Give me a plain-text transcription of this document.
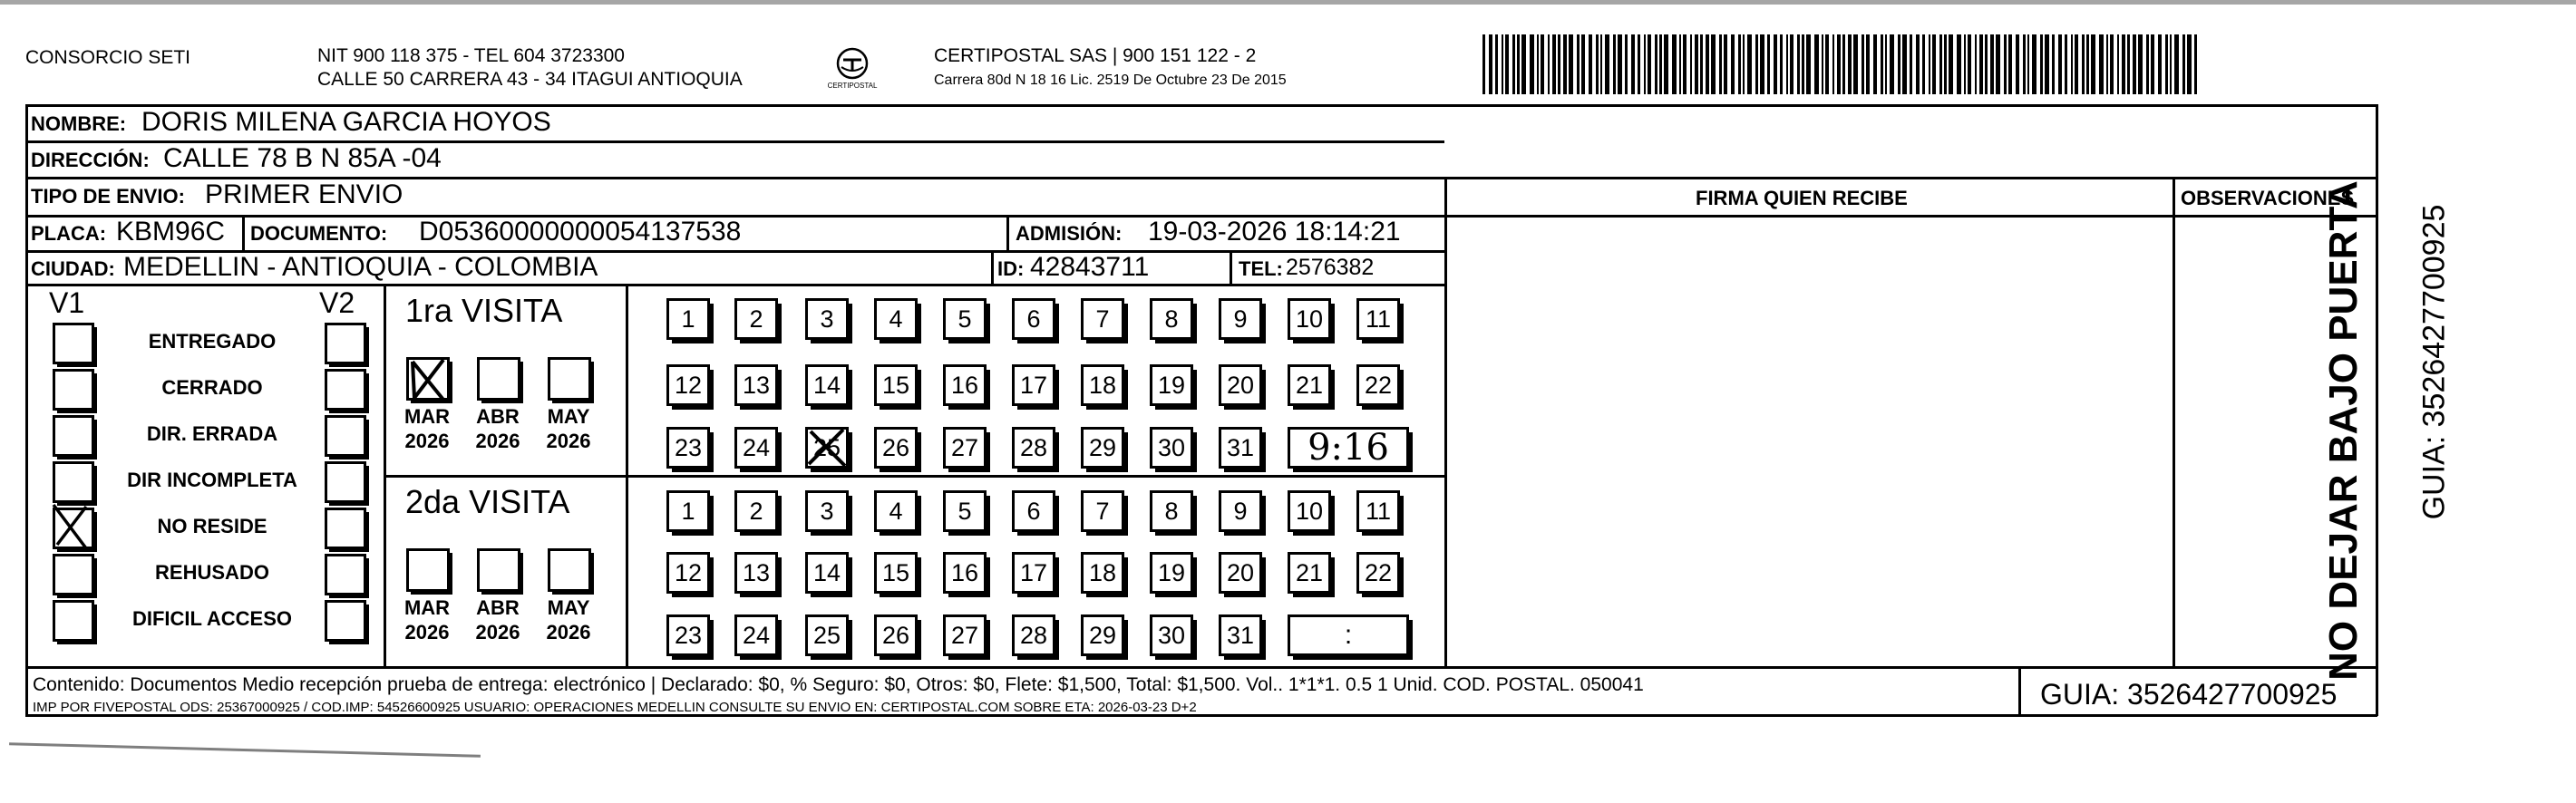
CONSORCIO SETI	NIT 900 118 375 - TEL 604 3723300
CALLE 50 CARRERA 43 - 34 ITAGUI ANTIOQUIA	CERTIPOSTAL
CERTIPOSTAL SAS | 900 151 122 - 2
Carrera 80d N 18 16 Lic. 2519 De Octubre 23 De 2015
FIRMA QUIEN RECIBE	OBSERVACIONES
NOMBRE: DORIS MILENA GARCIA HOYOS
DIRECCIÓN: CALLE 78 B N 85A -04
TIPO DE ENVIO: PRIMER ENVIO
PLACA: KBM96C DOCUMENTO: D05360000000054137538	ADMISIÓN: 19-03-2026 18:14:21
CIUDAD: MEDELLIN - ANTIOQUIA - COLOMBIA	ID: 42843711	TEL: 2576382
V1	V2
ENTREGADO
CERRADO
DIR. ERRADA
DIR INCOMPLETA
NO RESIDE
REHUSADO
DIFICIL ACCESO
1ra VISITA
2da VISITA
MAR
2026
ABR
2026
MAY
2026
MAR
2026
ABR
2026
MAY
2026
1 2 3 4 5 6 7 8 9 10 11
12 13 14 15 16 17 18 19 20 21 22
23 24 25 26 27 28 29 30 31	9:16
1 2 3 4 5 6 7 8 9 10 11
12 13 14 15 16 17 18 19 20 21 22
23 24 25 26 27 28 29 30 31	:
Contenido: Documentos Medio recepción prueba de entrega: electrónico | Declarado: $0, % Seguro: $0, Otros: $0, Flete: $1,500, Total: $1,500. Vol.. 1*1*1. 0.5 1 Unid. COD. POSTAL. 050041
IMP POR FIVEPOSTAL ODS: 25367000925 / COD.IMP: 54526600925 USUARIO: OPERACIONES MEDELLIN CONSULTE SU ENVIO EN: CERTIPOSTAL.COM SOBRE ETA: 2026-03-23 D+2	GUIA: 3526427700925
NO DEJAR BAJO PUERTA GUIA: 3526427700925
